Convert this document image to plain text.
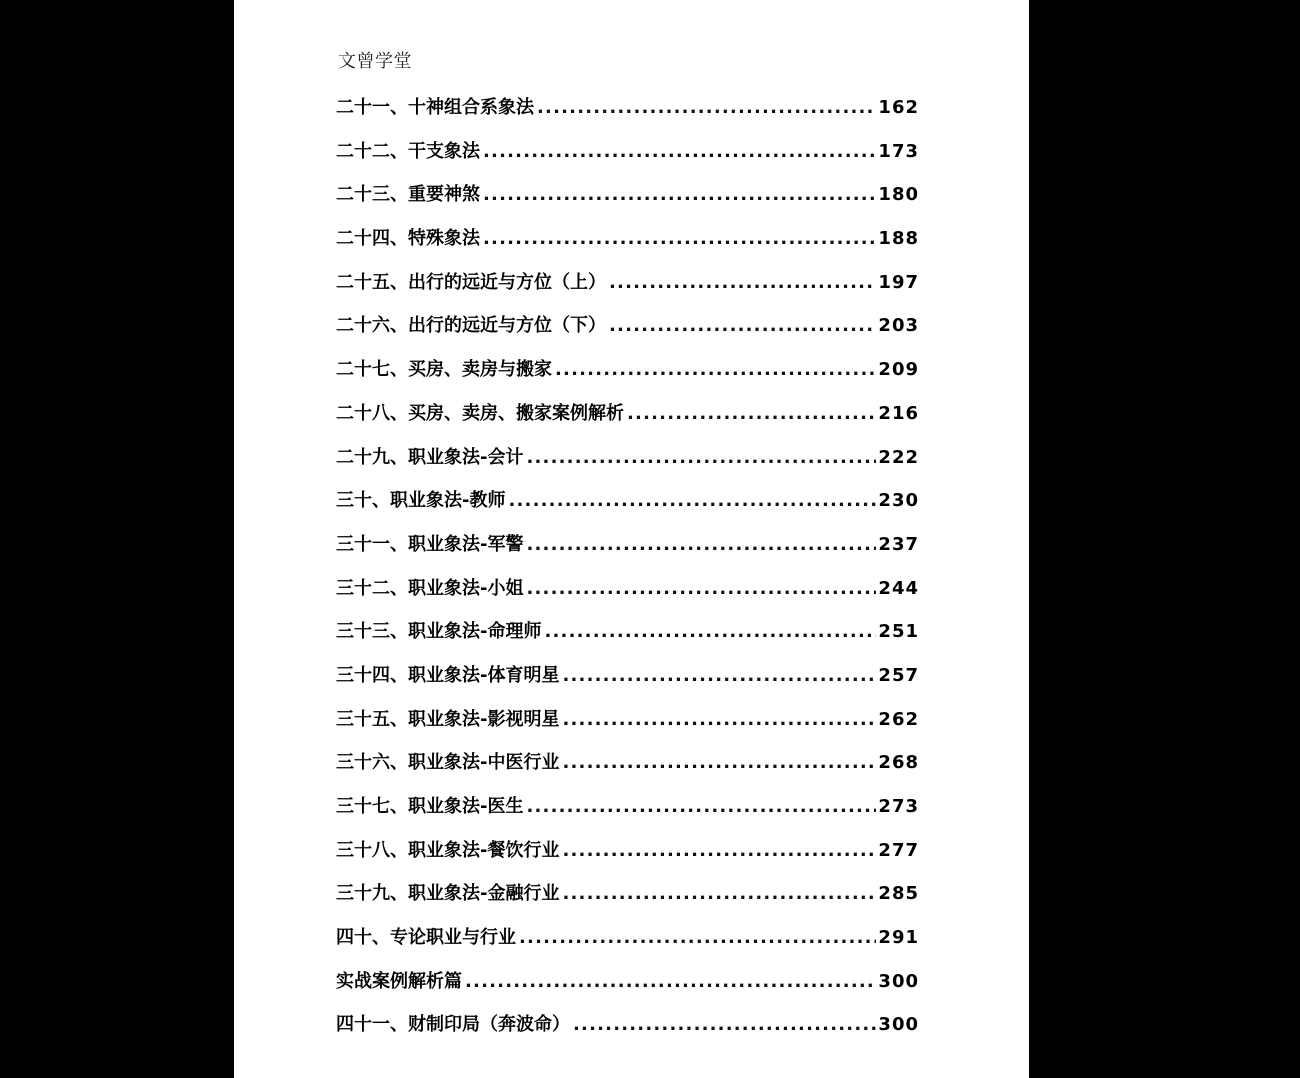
文曾学堂
二十一、十神组合系象法 .....	162
二十二、干支象法 .....	173
二十三、重要神煞 .....	180
二十四、特殊象法 .....	188
二十五、出行的远近与方位（上） .....	197
二十六、出行的远近与方位（下） .....	203
二十七、买房、卖房与搬家 .....	209
二十八、买房、卖房、搬家案例解析 .....	216
二十九、职业象法-会计 .....	222
三十、职业象法-教师 .....	230
三十一、职业象法-军警 .....	237
三十二、职业象法-小姐 .....	244
三十三、职业象法-命理师 .....	251
三十四、职业象法-体育明星 .....	257
三十五、职业象法-影视明星 .....	262
三十六、职业象法-中医行业 .....	268
三十七、职业象法-医生 .....	273
三十八、职业象法-餐饮行业 .....	277
三十九、职业象法-金融行业 .....	285
四十、专论职业与行业 .....	291
实战案例解析篇 .....	300
四十一、财制印局（奔波命） .....	300
